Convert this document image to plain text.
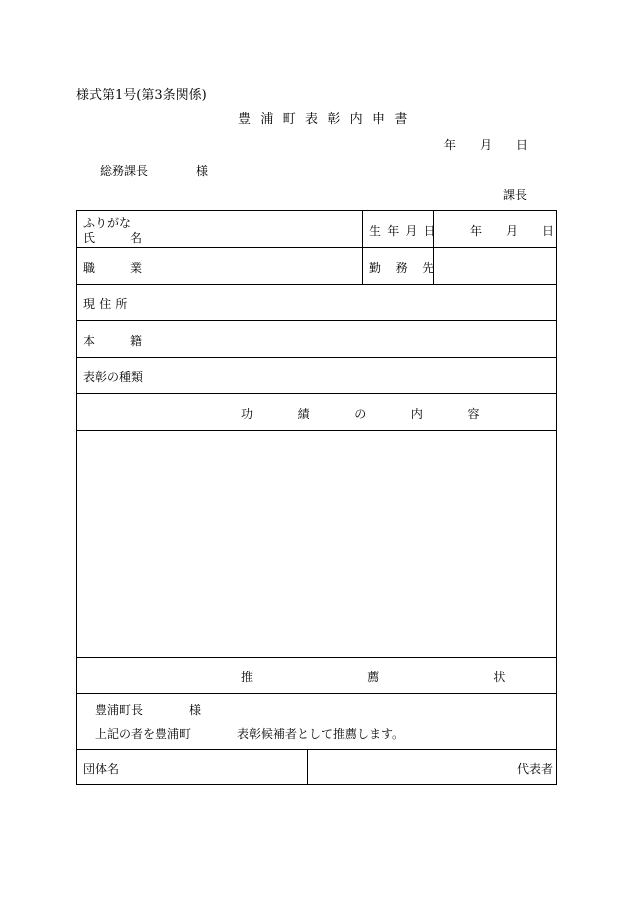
様式第1号(第3条関係)
豊 浦 町 表 彰 内 申 書
年 月 日
総務課長	様
課長
ふりがな
氏 名	生 年 月 日	年 月 日
職 業	勤 務 先
現住所
本 籍
表彰の種類
功 績 の 内 容
推 薦 状
豊浦町長	様
上記の者を豊浦町	表彰候補者として推薦します。
団体名	代表者
